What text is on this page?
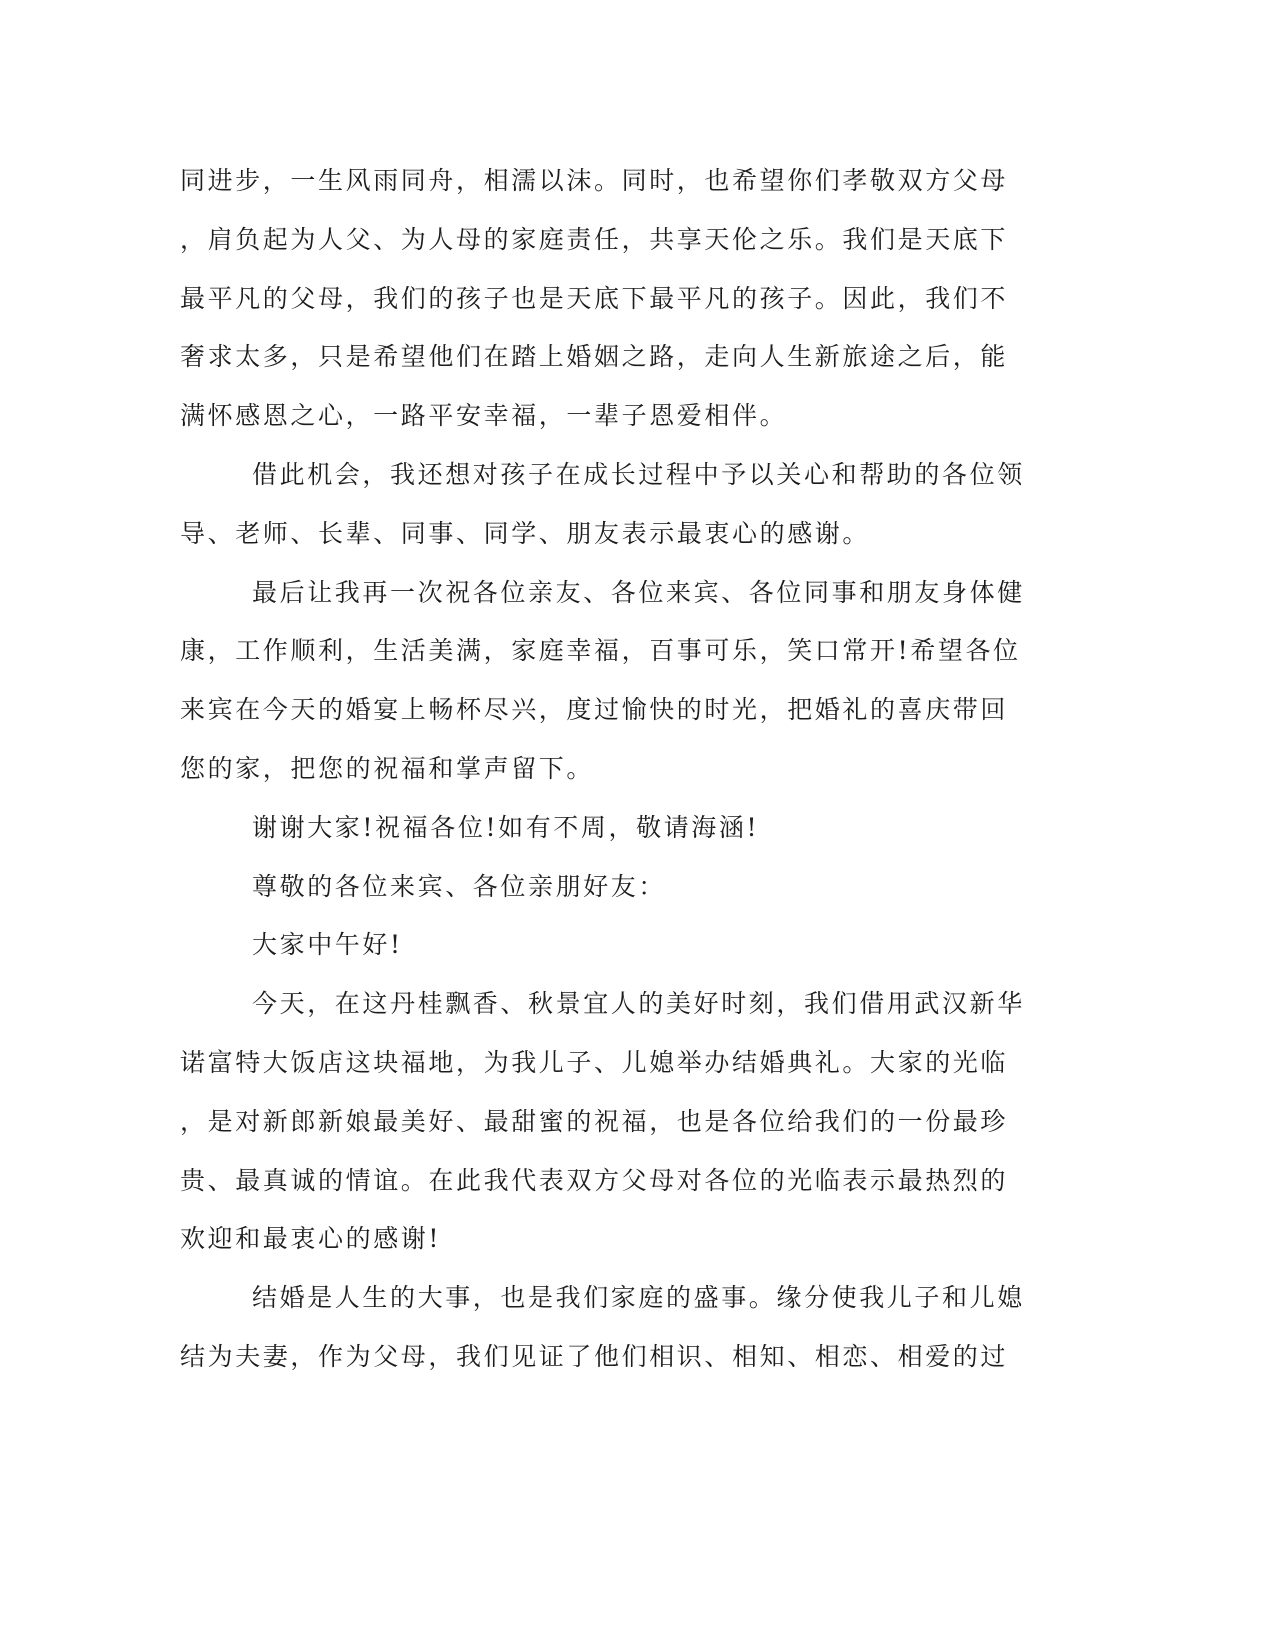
同进步，一生风雨同舟，相濡以沫。同时，也希望你们孝敬双方父母
，肩负起为人父、为人母的家庭责任，共享天伦之乐。我们是天底下
最平凡的父母，我们的孩子也是天底下最平凡的孩子。因此，我们不
奢求太多，只是希望他们在踏上婚姻之路，走向人生新旅途之后，能
满怀感恩之心，一路平安幸福，一辈子恩爱相伴。
借此机会，我还想对孩子在成长过程中予以关心和帮助的各位领
导、老师、长辈、同事、同学、朋友表示最衷心的感谢。
最后让我再一次祝各位亲友、各位来宾、各位同事和朋友身体健
康，工作顺利，生活美满，家庭幸福，百事可乐，笑口常开!希望各位
来宾在今天的婚宴上畅杯尽兴，度过愉快的时光，把婚礼的喜庆带回
您的家，把您的祝福和掌声留下。
谢谢大家!祝福各位!如有不周，敬请海涵!
尊敬的各位来宾、各位亲朋好友：
大家中午好!
今天，在这丹桂飘香、秋景宜人的美好时刻，我们借用武汉新华
诺富特大饭店这块福地，为我儿子、儿媳举办结婚典礼。大家的光临
，是对新郎新娘最美好、最甜蜜的祝福，也是各位给我们的一份最珍
贵、最真诚的情谊。在此我代表双方父母对各位的光临表示最热烈的
欢迎和最衷心的感谢!
结婚是人生的大事，也是我们家庭的盛事。缘分使我儿子和儿媳
结为夫妻，作为父母，我们见证了他们相识、相知、相恋、相爱的过
